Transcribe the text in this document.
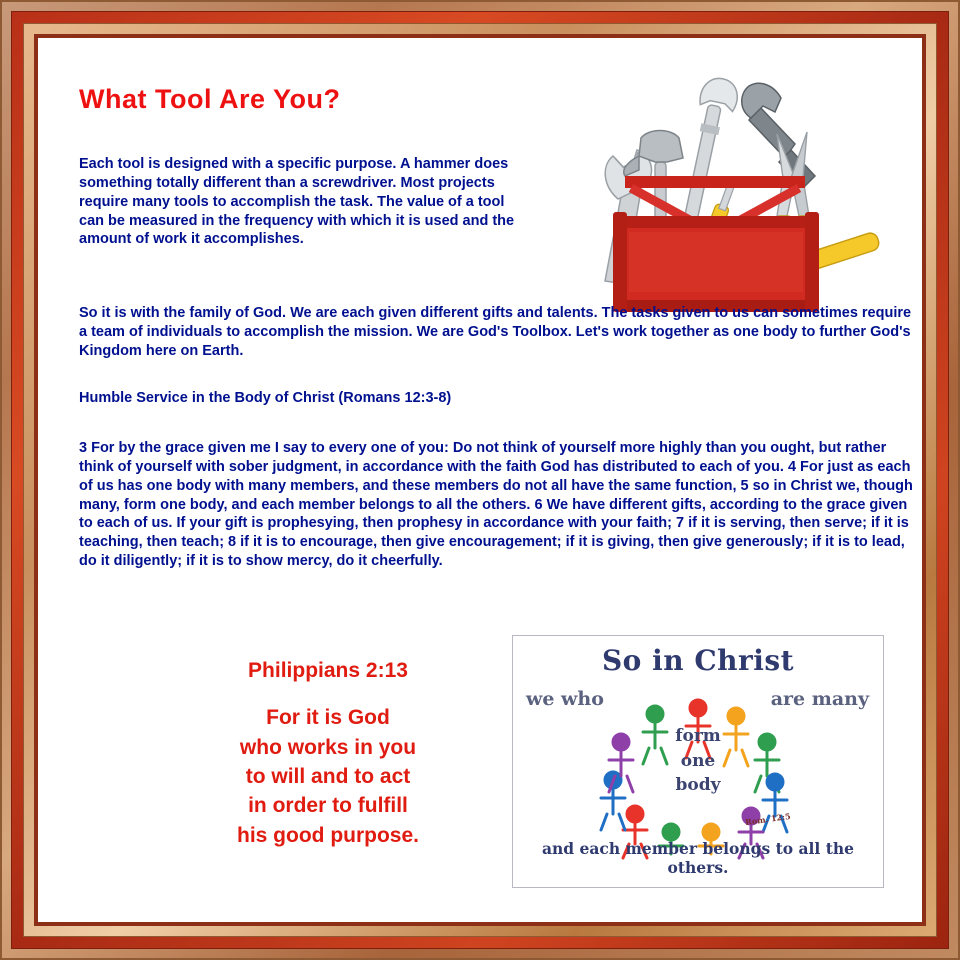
What Tool Are You?
Each tool is designed with a specific purpose. A hammer does something totally different than a screwdriver. Most projects require many tools to accomplish the task. The value of a tool can be measured in the frequency with which it is used and the amount of work it accomplishes.
So it is with the family of God. We are each given different gifts and talents. The tasks given to us can sometimes require a team of individuals to accomplish the mission. We are God's Toolbox. Let's work together as one body to further God's Kingdom here on Earth.
Humble Service in the Body of Christ (Romans 12:3-8)
3 For by the grace given me I say to every one of you: Do not think of yourself more highly than you ought, but rather think of yourself with sober judgment, in accordance with the faith God has distributed to each of you. 4 For just as each of us has one body with many members, and these members do not all have the same function, 5 so in Christ we, though many, form one body, and each member belongs to all the others. 6 We have different gifts, according to the grace given to each of us. If your gift is prophesying, then prophesy in accordance with your faith; 7 if it is serving, then serve; if it is teaching, then teach; 8 if it is to encourage, then give encouragement; if it is giving, then give generously; if it is to lead, do it diligently; if it is to show mercy, do it cheerfully.
Philippians 2:13
For it is God
who works in you
to will and to act
in order to fulfill
his good purpose.
So in Christ
we who	are many
form
one
body
Rom. 12:5
and each member belongs to all the others.
